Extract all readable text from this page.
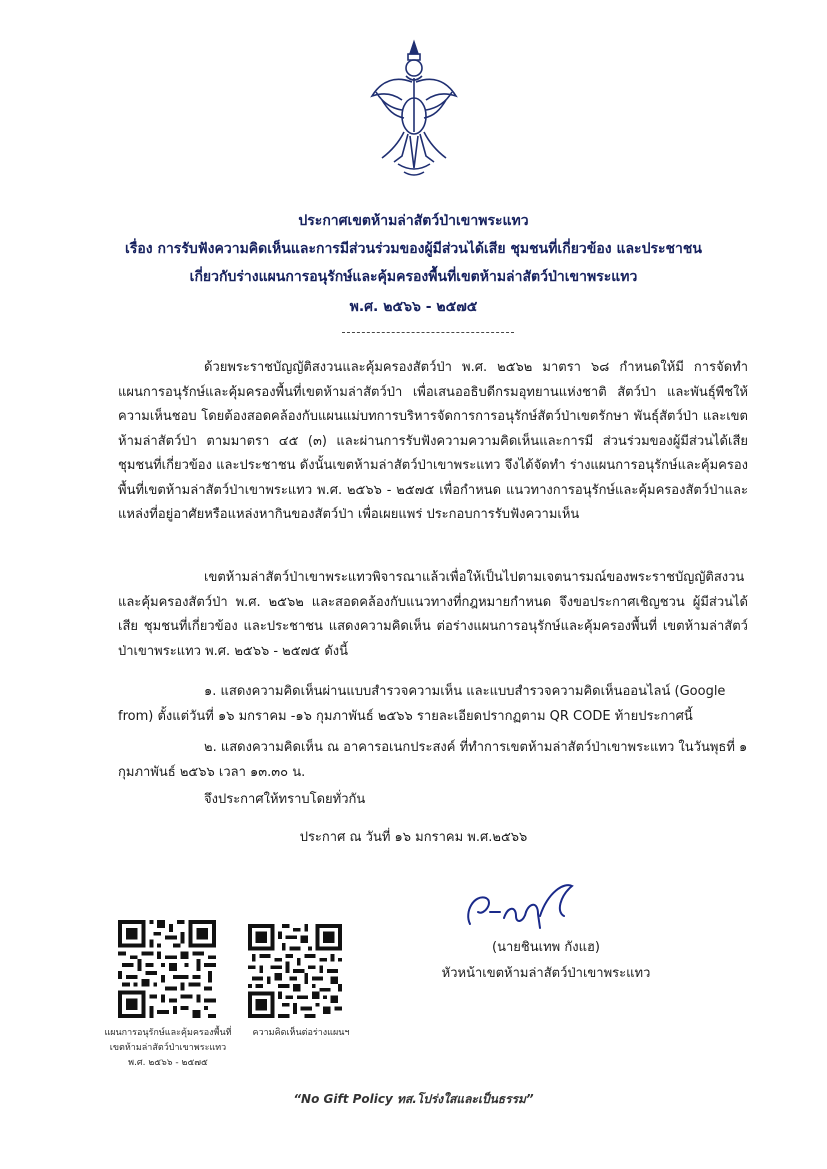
ประกาศเขตห้ามล่าสัตว์ป่าเขาพระแทว
เรื่อง การรับฟังความคิดเห็นและการมีส่วนร่วมของผู้มีส่วนได้เสีย ชุมชนที่เกี่ยวข้อง และประชาชน
เกี่ยวกับร่างแผนการอนุรักษ์และคุ้มครองพื้นที่เขตห้ามล่าสัตว์ป่าเขาพระแทว
พ.ศ. ๒๕๖๖ - ๒๕๗๕
ด้วยพระราชบัญญัติสงวนและคุ้มครองสัตว์ป่า พ.ศ. ๒๕๖๒ มาตรา ๖๘ กำหนดให้มี การจัดทำแผนการอนุรักษ์และคุ้มครองพื้นที่เขตห้ามล่าสัตว์ป่า เพื่อเสนออธิบดีกรมอุทยานแห่งชาติ สัตว์ป่า และพันธุ์พืชให้ความเห็นชอบ โดยต้องสอดคล้องกับแผนแม่บทการบริหารจัดการการอนุรักษ์สัตว์ป่าเขตรักษา พันธุ์สัตว์ป่า และเขตห้ามล่าสัตว์ป่า ตามมาตรา ๔๕ (๓) และผ่านการรับฟังความความคิดเห็นและการมี ส่วนร่วมของผู้มีส่วนได้เสีย ชุมชนที่เกี่ยวข้อง และประชาชน ดังนั้นเขตห้ามล่าสัตว์ป่าเขาพระแทว จึงได้จัดทำ ร่างแผนการอนุรักษ์และคุ้มครองพื้นที่เขตห้ามล่าสัตว์ป่าเขาพระแทว พ.ศ. ๒๕๖๖ - ๒๕๗๕ เพื่อกำหนด แนวทางการอนุรักษ์และคุ้มครองสัตว์ป่าและแหล่งที่อยู่อาศัยหรือแหล่งหากินของสัตว์ป่า เพื่อเผยแพร่ ประกอบการรับฟังความเห็น
เขตห้ามล่าสัตว์ป่าเขาพระแทวพิจารณาแล้วเพื่อให้เป็นไปตามเจตนารมณ์ของพระราชบัญญัติสงวนและคุ้มครองสัตว์ป่า พ.ศ. ๒๕๖๒ และสอดคล้องกับแนวทางที่กฎหมายกำหนด จึงขอประกาศเชิญชวน ผู้มีส่วนได้เสีย ชุมชนที่เกี่ยวข้อง และประชาชน แสดงความคิดเห็น ต่อร่างแผนการอนุรักษ์และคุ้มครองพื้นที่ เขตห้ามล่าสัตว์ป่าเขาพระแทว พ.ศ. ๒๕๖๖ - ๒๕๗๕ ดังนี้
๑. แสดงความคิดเห็นผ่านแบบสำรวจความเห็น และแบบสำรวจความคิดเห็นออนไลน์ (Google from) ตั้งแต่วันที่ ๑๖ มกราคม -๑๖ กุมภาพันธ์ ๒๕๖๖ รายละเอียดปรากฏตาม QR CODE ท้ายประกาศนี้
๒. แสดงความคิดเห็น ณ อาคารอเนกประสงค์ ที่ทำการเขตห้ามล่าสัตว์ป่าเขาพระแทว ในวันพุธที่ ๑ กุมภาพันธ์ ๒๕๖๖ เวลา ๑๓.๓๐ น.
จึงประกาศให้ทราบโดยทั่วกัน
ประกาศ ณ วันที่ ๑๖ มกราคม พ.ศ.๒๕๖๖
(นายชินเทพ กังแฮ)
หัวหน้าเขตห้ามล่าสัตว์ป่าเขาพระแทว
แผนการอนุรักษ์และคุ้มครองพื้นที่
เขตห้ามล่าสัตว์ป่าเขาพระแทว
พ.ศ. ๒๕๖๖ - ๒๕๗๕
ความคิดเห็นต่อร่างแผนฯ
“No Gift Policy ทส.โปร่งใสและเป็นธรรม”
